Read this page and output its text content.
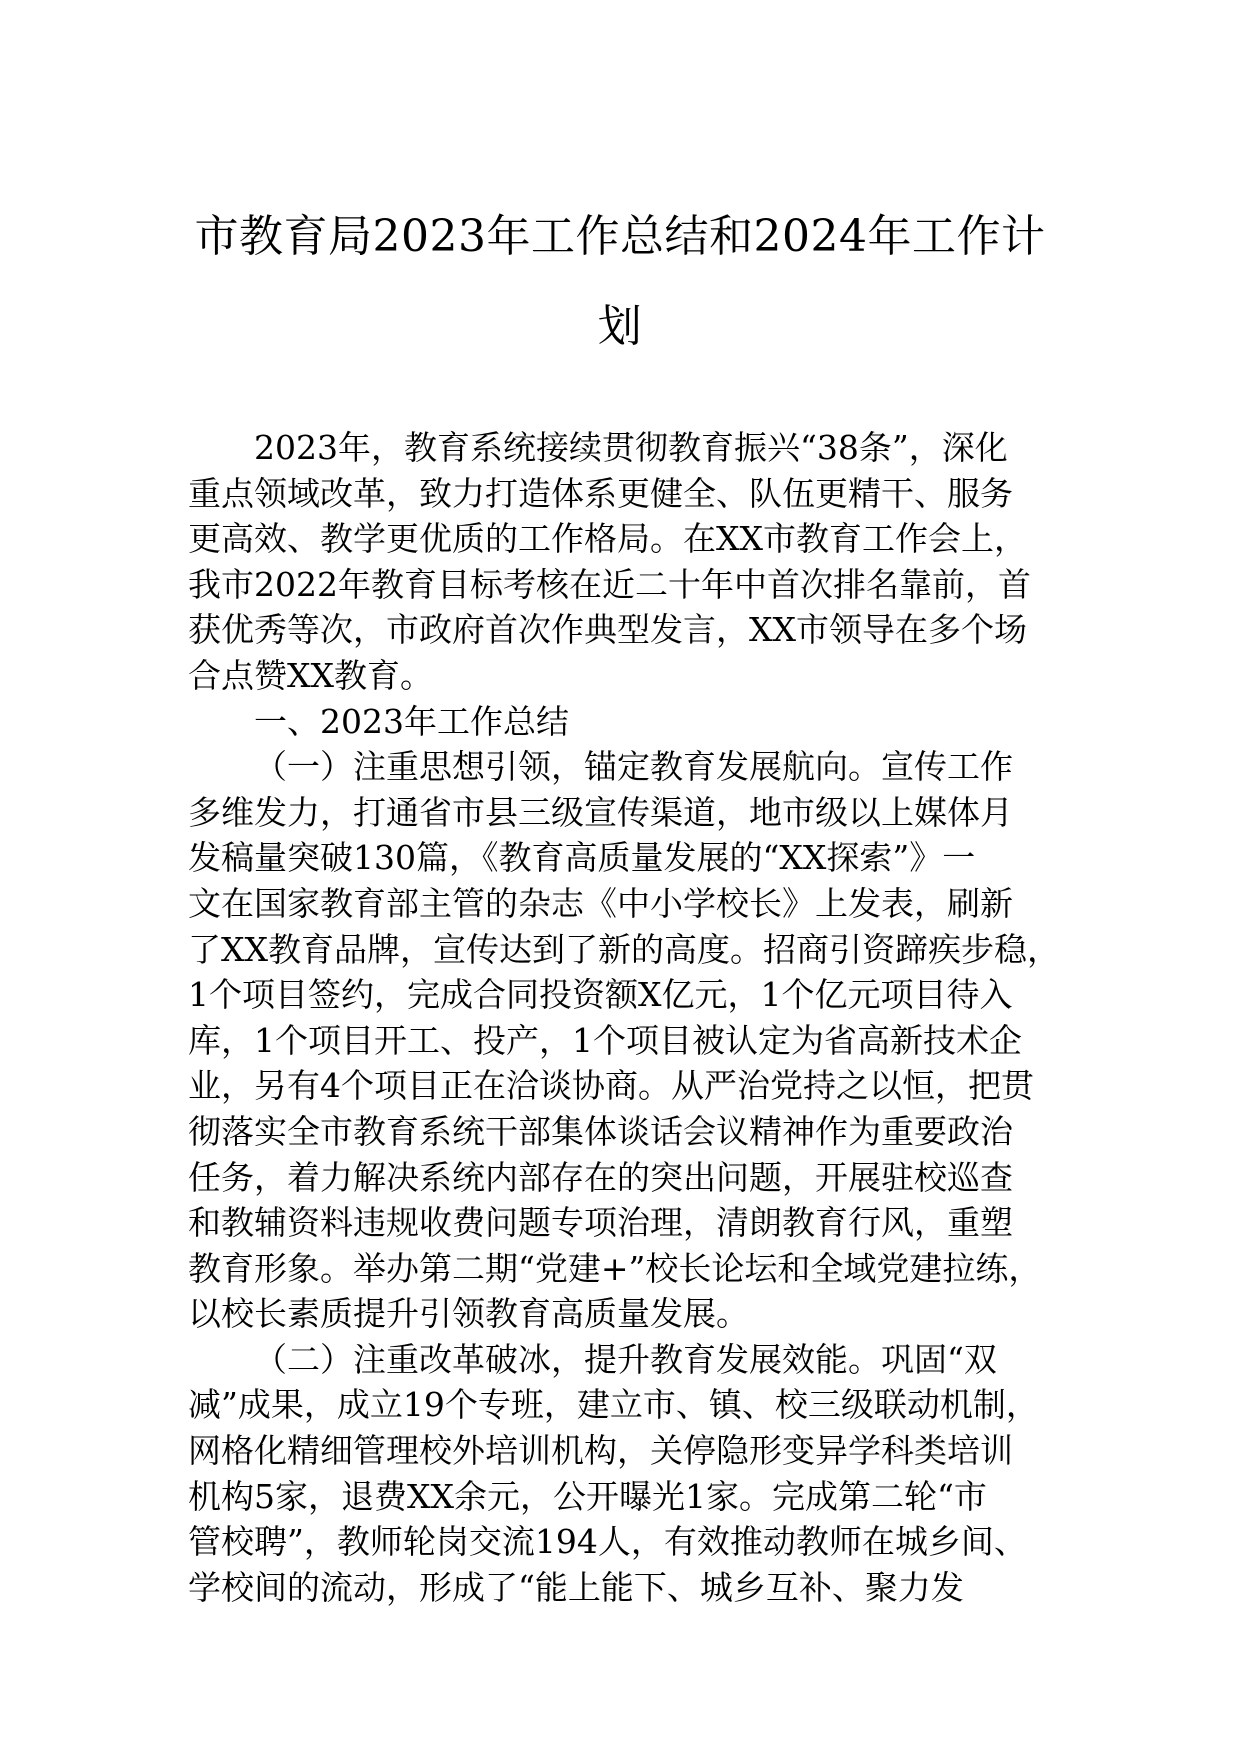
市教育局2023年工作总结和2024年工作计
划
2023年，教育系统接续贯彻教育振兴“38条”，深化
重点领域改革，致力打造体系更健全、队伍更精干、服务
更高效、教学更优质的工作格局。在XX市教育工作会上，
我市2022年教育目标考核在近二十年中首次排名靠前，首
获优秀等次，市政府首次作典型发言，XX市领导在多个场
合点赞XX教育。
一、2023年工作总结
（一）注重思想引领，锚定教育发展航向。宣传工作
多维发力，打通省市县三级宣传渠道，地市级以上媒体月
发稿量突破130篇，《教育高质量发展的“XX探索”》一
文在国家教育部主管的杂志《中小学校长》上发表，刷新
了XX教育品牌，宣传达到了新的高度。招商引资蹄疾步稳，
1个项目签约，完成合同投资额X亿元，1个亿元项目待入
库，1个项目开工、投产，1个项目被认定为省高新技术企
业，另有4个项目正在洽谈协商。从严治党持之以恒，把贯
彻落实全市教育系统干部集体谈话会议精神作为重要政治
任务，着力解决系统内部存在的突出问题，开展驻校巡查
和教辅资料违规收费问题专项治理，清朗教育行风，重塑
教育形象。举办第二期“党建+”校长论坛和全域党建拉练，
以校长素质提升引领教育高质量发展。
（二）注重改革破冰，提升教育发展效能。巩固“双
减”成果，成立19个专班，建立市、镇、校三级联动机制，
网格化精细管理校外培训机构，关停隐形变异学科类培训
机构5家，退费XX余元，公开曝光1家。完成第二轮“市
管校聘”，教师轮岗交流194人，有效推动教师在城乡间、
学校间的流动，形成了“能上能下、城乡互补、聚力发
